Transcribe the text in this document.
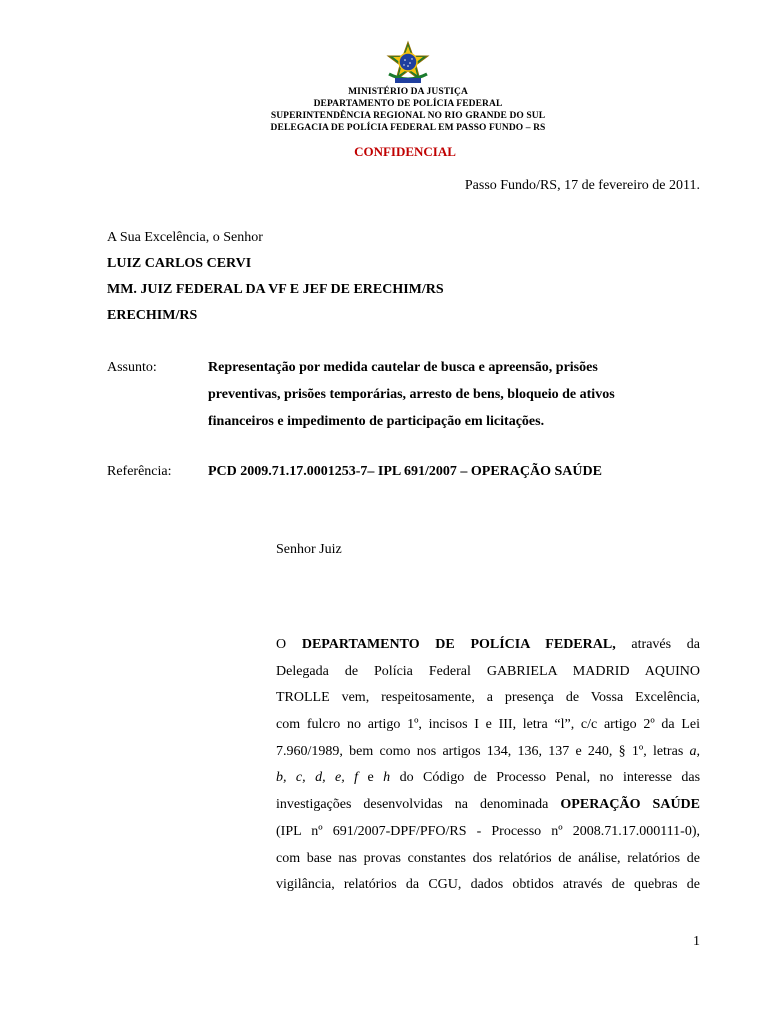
MINISTÉRIO DA JUSTIÇA
DEPARTAMENTO DE POLÍCIA FEDERAL
SUPERINTENDÊNCIA REGIONAL NO RIO GRANDE DO SUL
DELEGACIA DE POLÍCIA FEDERAL EM PASSO FUNDO – RS
CONFIDENCIAL
Passo Fundo/RS, 17 de fevereiro de 2011.
A Sua Excelência, o Senhor
LUIZ CARLOS CERVI
MM. JUIZ FEDERAL DA VF E JEF DE ERECHIM/RS
ERECHIM/RS
Assunto:	Representação por medida cautelar de busca e apreensão, prisões
preventivas, prisões temporárias, arresto de bens, bloqueio de ativos
financeiros e impedimento de participação em licitações.
Referência:	PCD 2009.71.17.0001253-7– IPL 691/2007 – OPERAÇÃO SAÚDE
Senhor Juiz
O DEPARTAMENTO DE POLÍCIA FEDERAL, através da
Delegada de Polícia Federal GABRIELA MADRID AQUINO
TROLLE vem, respeitosamente, a presença de Vossa Excelência,
com fulcro no artigo 1º, incisos I e III, letra “l”, c/c artigo 2º da Lei
7.960/1989, bem como nos artigos 134, 136, 137 e 240, § 1º, letras a,
b, c, d, e, f e h do Código de Processo Penal, no interesse das
investigações desenvolvidas na denominada OPERAÇÃO SAÚDE
(IPL nº 691/2007-DPF/PFO/RS - Processo nº 2008.71.17.000111-0),
com base nas provas constantes dos relatórios de análise, relatórios de
vigilância, relatórios da CGU, dados obtidos através de quebras de
1
